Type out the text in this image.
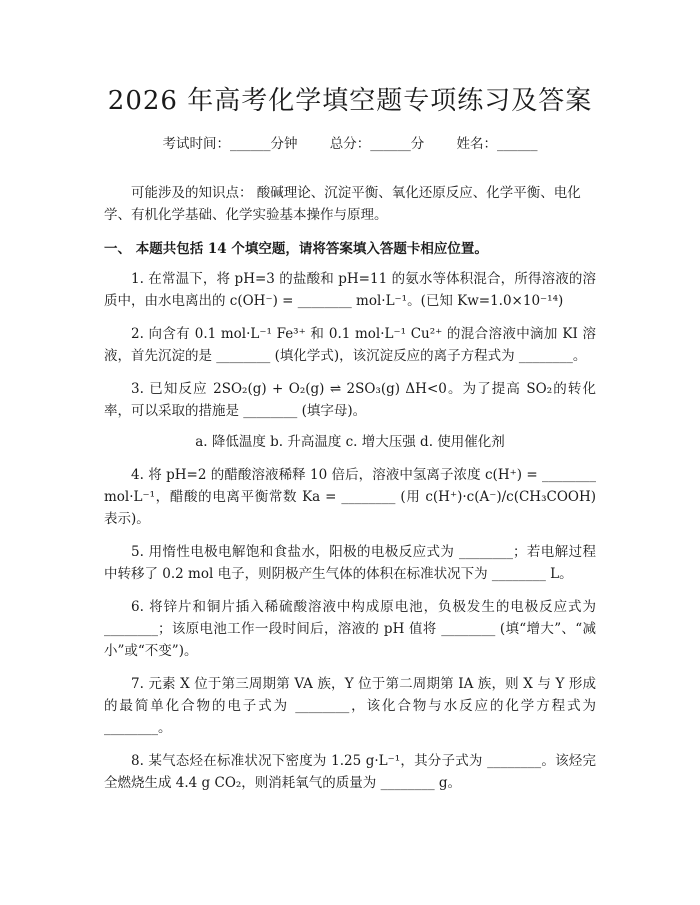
2026 年高考化学填空题专项练习及答案
考试时间：______分钟 总分：______分 姓名：______

可能涉及的知识点： 酸碱理论、沉淀平衡、氧化还原反应、化学平衡、电化学、有机化学基础、化学实验基本操作与原理。

一、 本题共包括 14 个填空题，请将答案填入答题卡相应位置。

1. 在常温下，将 pH=3 的盐酸和 pH=11 的氨水等体积混合，所得溶液的溶质中，由水电离出的 c(OH⁻) = ________ mol·L⁻¹。(已知 Kw=1.0×10⁻¹⁴)

2. 向含有 0.1 mol·L⁻¹ Fe³⁺ 和 0.1 mol·L⁻¹ Cu²⁺ 的混合溶液中滴加 KI 溶液，首先沉淀的是 ________ (填化学式)，该沉淀反应的离子方程式为 ________。

3. 已知反应 2SO₂(g) + O₂(g) ⇌ 2SO₃(g) ΔH<0。为了提高 SO₂的转化率，可以采取的措施是 ________ (填字母)。

a. 降低温度 b. 升高温度 c. 增大压强 d. 使用催化剂

4. 将 pH=2 的醋酸溶液稀释 10 倍后，溶液中氢离子浓度 c(H⁺) = ________ mol·L⁻¹，醋酸的电离平衡常数 Ka = ________ (用 c(H⁺)·c(A⁻)/c(CH₃COOH) 表示)。

5. 用惰性电极电解饱和食盐水，阳极的电极反应式为 ________；若电解过程中转移了 0.2 mol 电子，则阴极产生气体的体积在标准状况下为 ________ L。

6. 将锌片和铜片插入稀硫酸溶液中构成原电池，负极发生的电极反应式为 ________；该原电池工作一段时间后，溶液的 pH 值将 ________ (填“增大”、“减小”或“不变”)。

7. 元素 X 位于第三周期第 VA 族，Y 位于第二周期第 IA 族，则 X 与 Y 形成的最简单化合物的电子式为 ________，该化合物与水反应的化学方程式为 ________。

8. 某气态烃在标准状况下密度为 1.25 g·L⁻¹，其分子式为 ________。该烃完全燃烧生成 4.4 g CO₂，则消耗氧气的质量为 ________ g。
